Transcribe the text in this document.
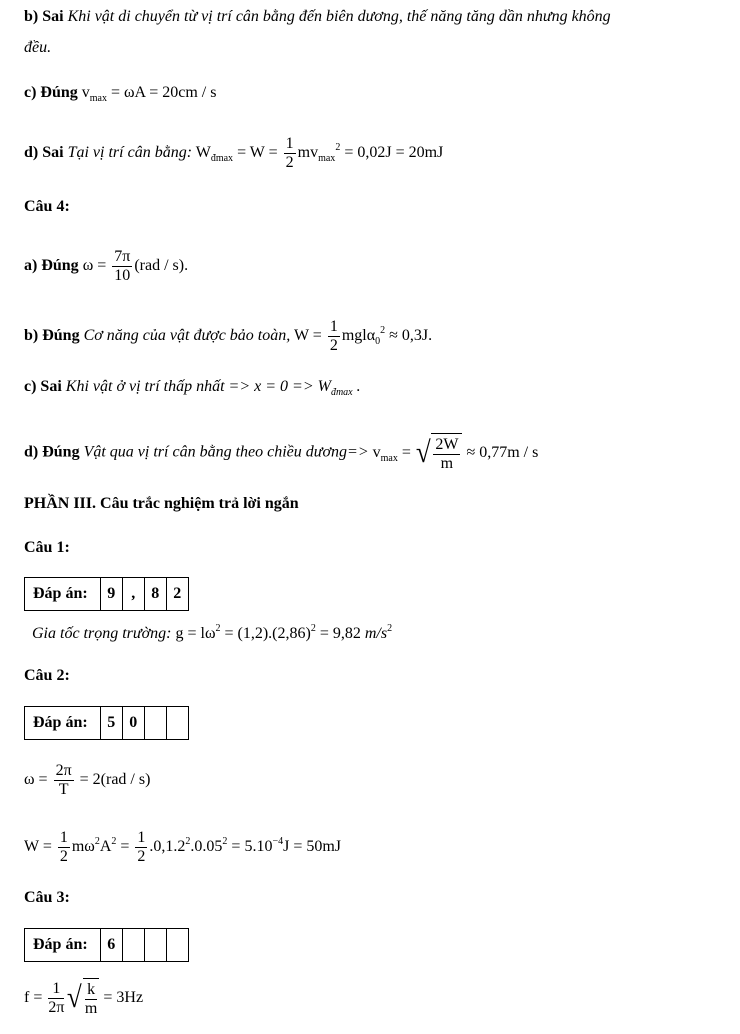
b) Sai Khi vật di chuyển từ vị trí cân bằng đến biên dương, thế năng tăng dần nhưng không
đều.
c) Đúng $v_{max} = \omega A = 20cm / s$
d) Sai Tại vị trí cân bằng: $W_{đmax} = W = \frac{1}{2} mv_{max}^2 = 0,02J = 20mJ$
Câu 4:
a) Đúng $\omega = \frac{7\pi}{10} (rad / s)$.
b) Đúng Cơ năng của vật được bảo toàn, $W = \frac{1}{2} mgl\alpha_0^2 \approx 0,3J$.
c) Sai Khi vật ở vị trí thấp nhất => $x = 0 => W_{đmax}$ .
d) Đúng Vật qua vị trí cân bằng theo chiều dương=> $v_{max}$ = √ $\frac{2W}{m} \approx 0,77m / s$
PHẦN III. Câu trắc nghiệm trả lời ngắn
Câu 1:
Đáp án:	9	,	8	2
Gia tốc trọng trường: $g = l\omega^2 = (1,2).(2,86)^2 = 9,82$ $m/s^2$
Câu 2:
Đáp án:	5	0		
$\omega = \frac{2\pi}{T} = 2(rad / s)$
$W = \frac{1}{2} m\omega^2A^2 = \frac{1}{2} .0,1.2^2.0.05^2 = 5.10^{-4}J = 50mJ$
Câu 3:
Đáp án:	6			
$f = \frac{1}{2\pi}$ √ $\frac{k}{m} = 3Hz$
